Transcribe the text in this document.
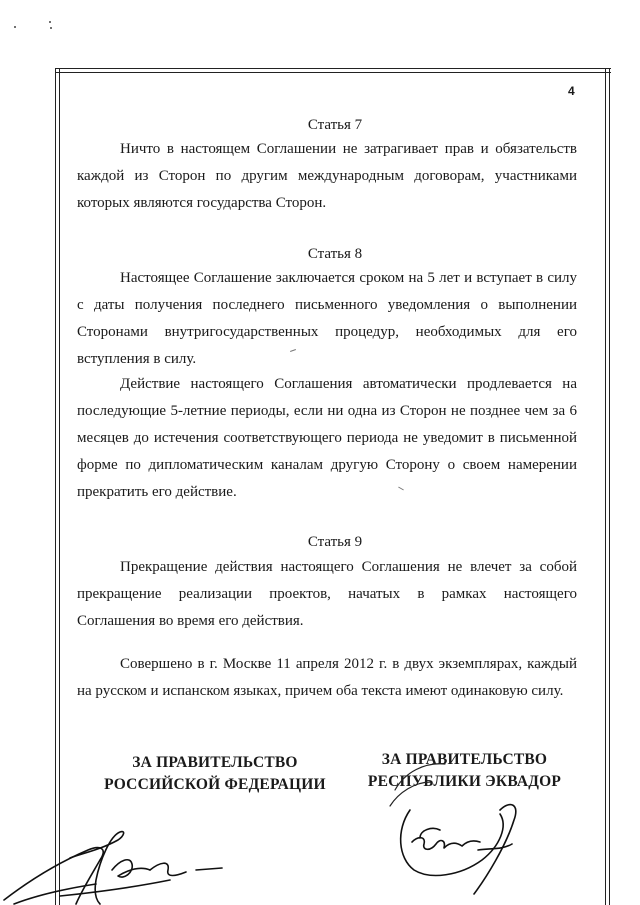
4
Статья 7

Ничто в настоящем Соглашении не затрагивает прав и обязательств каждой из Сторон по другим международным договорам, участниками которых являются государства Сторон.

Статья 8

Настоящее Соглашение заключается сроком на 5 лет и вступает в силу с даты получения последнего письменного уведомления о выполнении Сторонами внутригосударственных процедур, необходимых для его вступления в силу.

Действие настоящего Соглашения автоматически продлевается на последующие 5-летние периоды, если ни одна из Сторон не позднее чем за 6 месяцев до истечения соответствующего периода не уведомит в письменной форме по дипломатическим каналам другую Сторону о своем намерении прекратить его действие.

Статья 9

Прекращение действия настоящего Соглашения не влечет за собой прекращение реализации проектов, начатых в рамках настоящего Соглашения во время его действия.

Совершено в г. Москве 11 апреля 2012 г. в двух экземплярах, каждый на русском и испанском языках, причем оба текста имеют одинаковую силу.

ЗА ПРАВИТЕЛЬСТВО
РОССИЙСКОЙ ФЕДЕРАЦИИ
ЗА ПРАВИТЕЛЬСТВО
РЕСПУБЛИКИ ЭКВАДОР
